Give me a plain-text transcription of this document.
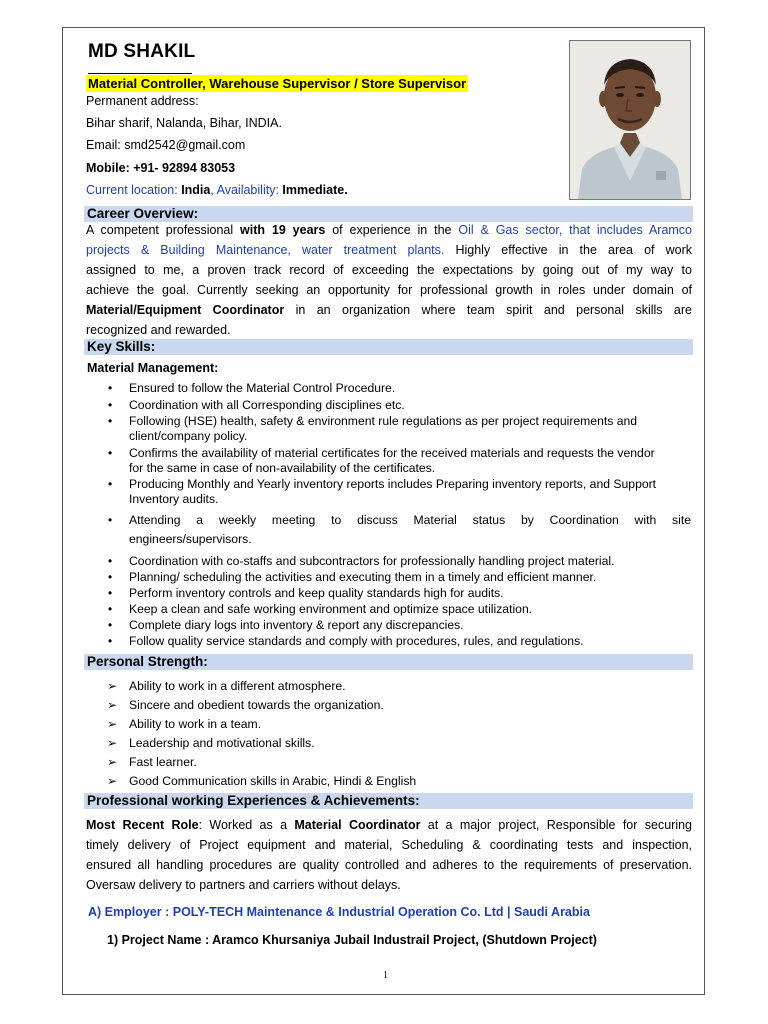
MD SHAKIL
Material Controller, Warehouse Supervisor / Store Supervisor
Permanent address:
Bihar sharif, Nalanda, Bihar, INDIA.
Email: smd2542@gmail.com
Mobile: +91- 92894 83053
Current location: India, Availability: Immediate.
Career Overview:
A competent professional with 19 years of experience in the Oil & Gas sector, that includes Aramco
projects & Building Maintenance, water treatment plants. Highly effective in the area of work
assigned to me, a proven track record of exceeding the expectations by going out of my way to
achieve the goal. Currently seeking an opportunity for professional growth in roles under domain of
Material/Equipment Coordinator in an organization where team spirit and personal skills are
recognized and rewarded.
Key Skills:
Material Management:
• Ensured to follow the Material Control Procedure.
• Coordination with all Corresponding disciplines etc.
• Following (HSE) health, safety & environment rule regulations as per project requirements and
client/company policy.
• Confirms the availability of material certificates for the received materials and requests the vendor
for the same in case of non-availability of the certificates.
• Producing Monthly and Yearly inventory reports includes Preparing inventory reports, and Support
Inventory audits.
• Attending a weekly meeting to discuss Material status by Coordination with site
engineers/supervisors.
• Coordination with co-staffs and subcontractors for professionally handling project material.
• Planning/ scheduling the activities and executing them in a timely and efficient manner.
• Perform inventory controls and keep quality standards high for audits.
• Keep a clean and safe working environment and optimize space utilization.
• Complete diary logs into inventory & report any discrepancies.
• Follow quality service standards and comply with procedures, rules, and regulations.
Personal Strength:
➢ Ability to work in a different atmosphere.
➢ Sincere and obedient towards the organization.
➢ Ability to work in a team.
➢ Leadership and motivational skills.
➢ Fast learner.
➢ Good Communication skills in Arabic, Hindi & English
Professional working Experiences & Achievements:
Most Recent Role: Worked as a Material Coordinator at a major project, Responsible for securing
timely delivery of Project equipment and material, Scheduling & coordinating tests and inspection,
ensured all handling procedures are quality controlled and adheres to the requirements of preservation.
Oversaw delivery to partners and carriers without delays.
A) Employer : POLY-TECH Maintenance & Industrial Operation Co. Ltd | Saudi Arabia
1) Project Name : Aramco Khursaniya Jubail Industrail Project, (Shutdown Project)
1
